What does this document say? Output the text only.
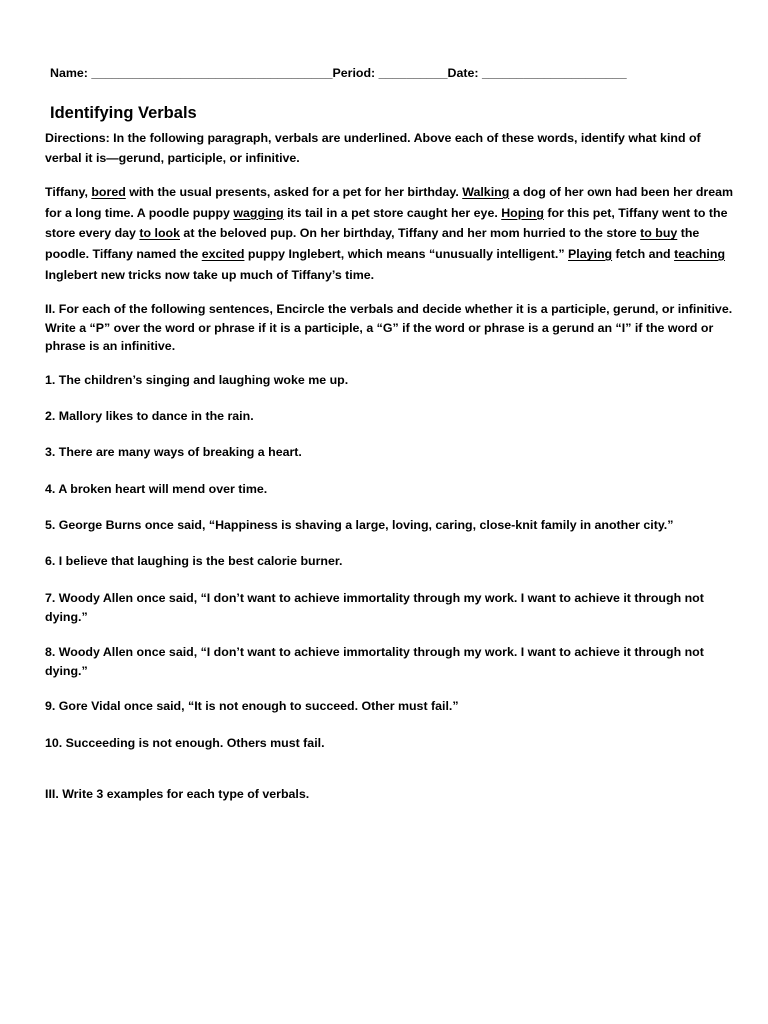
Name: ___________________________________Period: __________Date: _____________________
Identifying Verbals
Directions: In the following paragraph, verbals are underlined. Above each of these words, identify what kind of verbal it is—gerund, participle, or infinitive.
Tiffany, bored with the usual presents, asked for a pet for her birthday. Walking a dog of her own had been her dream for a long time. A poodle puppy wagging its tail in a pet store caught her eye. Hoping for this pet, Tiffany went to the store every day to look at the beloved pup. On her birthday, Tiffany and her mom hurried to the store to buy the poodle. Tiffany named the excited puppy Inglebert, which means “unusually intelligent.” Playing fetch and teaching Inglebert new tricks now take up much of Tiffany’s time.
II. For each of the following sentences, Encircle the verbals and decide whether it is a participle, gerund, or infinitive. Write a “P” over the word or phrase if it is a participle, a “G” if the word or phrase is a gerund an “I” if the word or phrase is an infinitive.
1. The children’s singing and laughing woke me up.
2. Mallory likes to dance in the rain.
3. There are many ways of breaking a heart.
4. A broken heart will mend over time.
5. George Burns once said, “Happiness is shaving a large, loving, caring, close-knit family in another city.”
6. I believe that laughing is the best calorie burner.
7. Woody Allen once said, “I don’t want to achieve immortality through my work. I want to achieve it through not dying.”
8. Woody Allen once said, “I don’t want to achieve immortality through my work. I want to achieve it through not dying.”
9. Gore Vidal once said, “It is not enough to succeed. Other must fail.”
10. Succeeding is not enough. Others must fail.
III. Write 3 examples for each type of verbals.
